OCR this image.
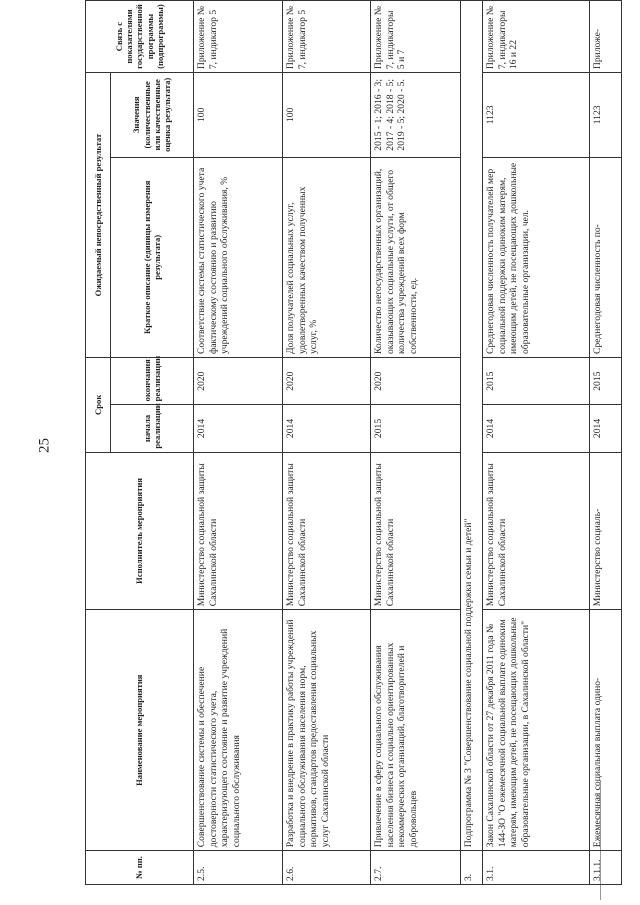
25
№ пп.	Наименование мероприятия	Исполнитель мероприятия	Срок		Ожидаемый непосредственный результат		Связь с показателями государственной программы (подпрограммы)
			начала реализации	окончания реализации	Краткое описание (единицы измерения результата)	Значения (количественные или качественные оценка результата)	
2.5.	Совершенствование системы и обеспечение достоверности статистического учета, характеризующего состояние и развитие учреждений социального обслуживания	Министерство социальной защиты Сахалинской области	2014	2020	Соответствие системы статистического учета фактическому состоянию и развитию учреждений социального обслуживания, %	100	Приложение № 7, индикатор 5
2.6.	Разработка и внедрение в практику работы учреждений социального обслуживания населения норм, нормативов, стандартов предоставления социальных услуг Сахалинской области	Министерство социальной защиты Сахалинской области	2014	2020	Доля получателей социальных услуг, удовлетворенных качеством полученных услуг, %	100	Приложение № 7, индикатор 5
2.7.	Привлечение в сферу социального обслуживания населения бизнеса и социально ориентированных некоммерческих организаций, благотворителей и добровольцев	Министерство социальной защиты Сахалинской области	2015	2020	Количество негосударственных организаций, оказывающих социальные услуги, от общего количества учреждений всех форм собственности, ед.	2015 - 1; 2016 - 3; 2017 - 4; 2018 - 5; 2019 - 5; 2020 - 5.	Приложение № 7, индикаторы 5 и 7
3.	Подпрограмма № 3 "Совершенствование социальной поддержки семьи и детей"						
3.1.	Закон Сахалинской области от 27 декабря 2011 года № 144-ЗО "О ежемесячной социальной выплате одиноким матерям, имеющим детей, не посещающих дошкольные образовательные организации, в Сахалинской области"	Министерство социальной защиты Сахалинской области	2014	2015	Среднегодовая численность получателей мер социальной поддержки одиноким матерям, имеющим детей, не посещающих дошкольные образовательные организации, чел.	1123	Приложение № 7, индикаторы 16 и 22
3.1.1.	Ежемесячная социальная выплата одино-	Министерство социаль-	2014	2015	Среднегодовая численность по-	1123	Приложе-
